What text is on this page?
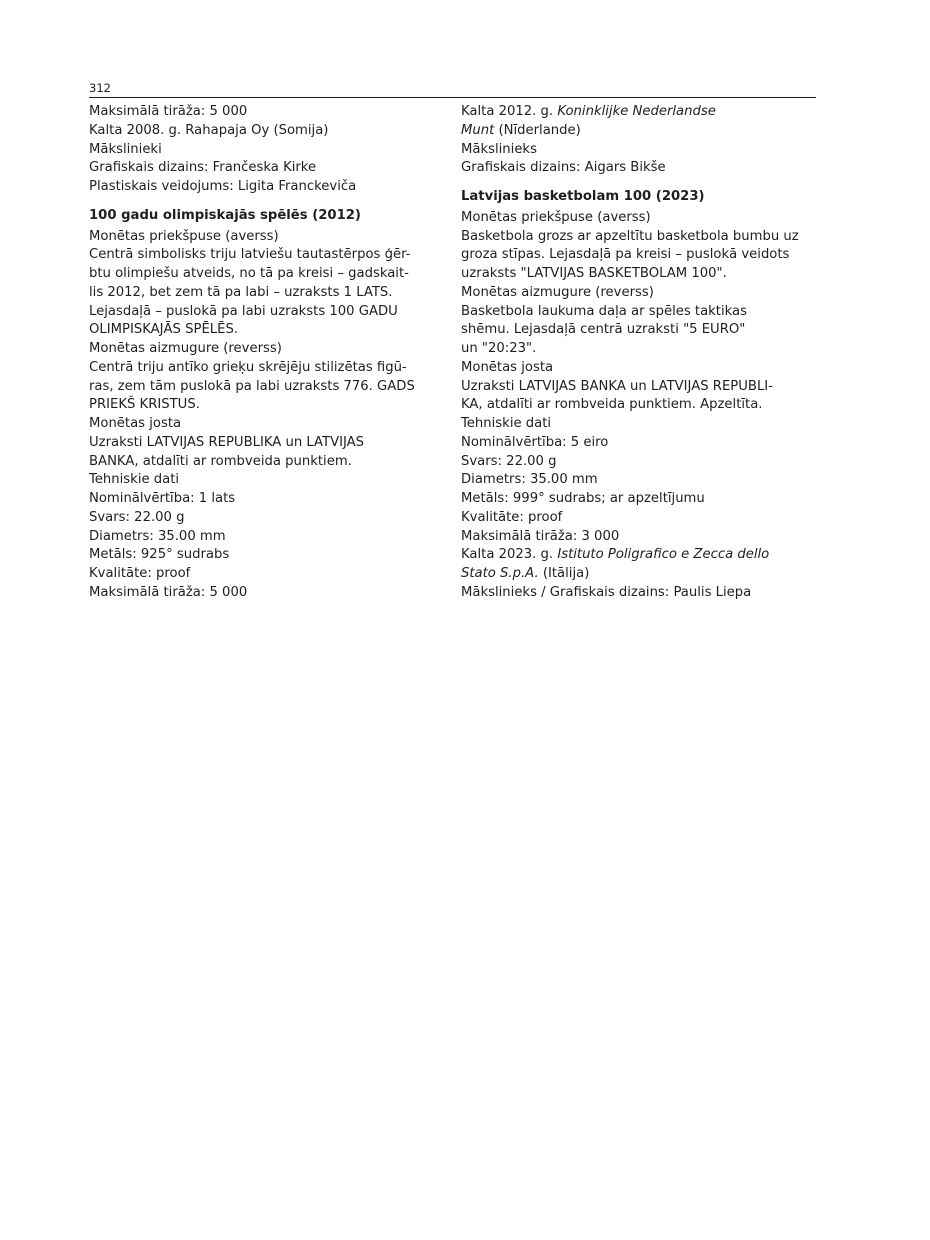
312
Maksimālā tirāža: 5 000
Kalta 2008. g. Rahapaja Oy (Somija)
Mākslinieki
Grafiskais dizains: Frančeska Kirke
Plastiskais veidojums: Ligita Franckeviča
100 gadu olimpiskajās spēlēs (2012)
Monētas priekšpuse (averss)
Centrā simbolisks triju latviešu tautastērpos ģēr-
btu olimpiešu atveids, no tā pa kreisi – gadskait-
lis 2012, bet zem tā pa labi – uzraksts 1 LATS.
Lejasdaļā – puslokā pa labi uzraksts 100 GADU
OLIMPISKAJĀS SPĒLĒS.
Monētas aizmugure (reverss)
Centrā triju antīko grieķu skrējēju stilizētas figū-
ras, zem tām puslokā pa labi uzraksts 776. GADS
PRIEKŠ KRISTUS.
Monētas josta
Uzraksti LATVIJAS REPUBLIKA un LATVIJAS
BANKA, atdalīti ar rombveida punktiem.
Tehniskie dati
Nominālvērtība: 1 lats
Svars: 22.00 g
Diametrs: 35.00 mm
Metāls: 925° sudrabs
Kvalitāte: proof
Maksimālā tirāža: 5 000
Kalta 2012. g. Koninklijke Nederlandse
Munt (Nīderlande)
Mākslinieks
Grafiskais dizains: Aigars Bikše
Latvijas basketbolam 100 (2023)
Monētas priekšpuse (averss)
Basketbola grozs ar apzeltītu basketbola bumbu uz
groza stīpas. Lejasdaļā pa kreisi – puslokā veidots
uzraksts "LATVIJAS BASKETBOLAM 100".
Monētas aizmugure (reverss)
Basketbola laukuma daļa ar spēles taktikas
shēmu. Lejasdaļā centrā uzraksti "5 EURO"
un "20:23".
Monētas josta
Uzraksti LATVIJAS BANKA un LATVIJAS REPUBLI-
KA, atdalīti ar rombveida punktiem. Apzeltīta.
Tehniskie dati
Nominālvērtība: 5 eiro
Svars: 22.00 g
Diametrs: 35.00 mm
Metāls: 999° sudrabs; ar apzeltījumu
Kvalitāte: proof
Maksimālā tirāža: 3 000
Kalta 2023. g. Istituto Poligrafico e Zecca dello
Stato S.p.A. (Itālija)
Mākslinieks / Grafiskais dizains: Paulis Liepa
